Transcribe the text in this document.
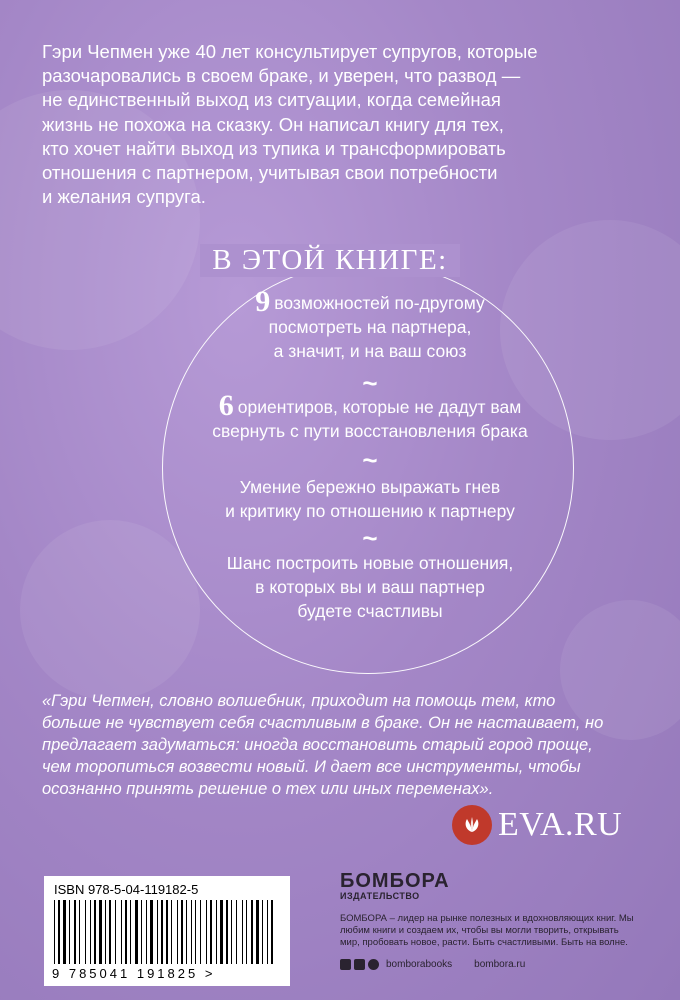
Гэри Чепмен уже 40 лет консультирует супругов, которые
разочаровались в своем браке, и уверен, что развод —
не единственный выход из ситуации, когда семейная
жизнь не похожа на сказку. Он написал книгу для тех,
кто хочет найти выход из тупика и трансформировать
отношения с партнером, учитывая свои потребности
и желания супруга.
В ЭТОЙ КНИГЕ:
9 возможностей по-другому
посмотреть на партнера,
а значит, и на ваш союз
~
6 ориентиров, которые не дадут вам
свернуть с пути восстановления брака
~
Умение бережно выражать гнев
и критику по отношению к партнеру
~
Шанс построить новые отношения,
в которых вы и ваш партнер
будете счастливы
«Гэри Чепмен, словно волшебник, приходит на помощь тем, кто
больше не чувствует себя счастливым в браке. Он не настаивает, но
предлагает задуматься: иногда восстановить старый город проще,
чем торопиться возвести новый. И дает все инструменты, чтобы
осознанно принять решение о тех или иных переменах».
EVA.RU
ISBN 978-5-04-119182-5
9 785041 191825 >
БОМБОРА
ИЗДАТЕЛЬСТВО
БОМБОРА – лидер на рынке полезных и вдохновляющих книг. Мы любим книги и создаем их, чтобы вы могли творить, открывать мир, пробовать новое, расти. Быть счастливыми. Быть на волне.
bomborabooks bombora.ru
